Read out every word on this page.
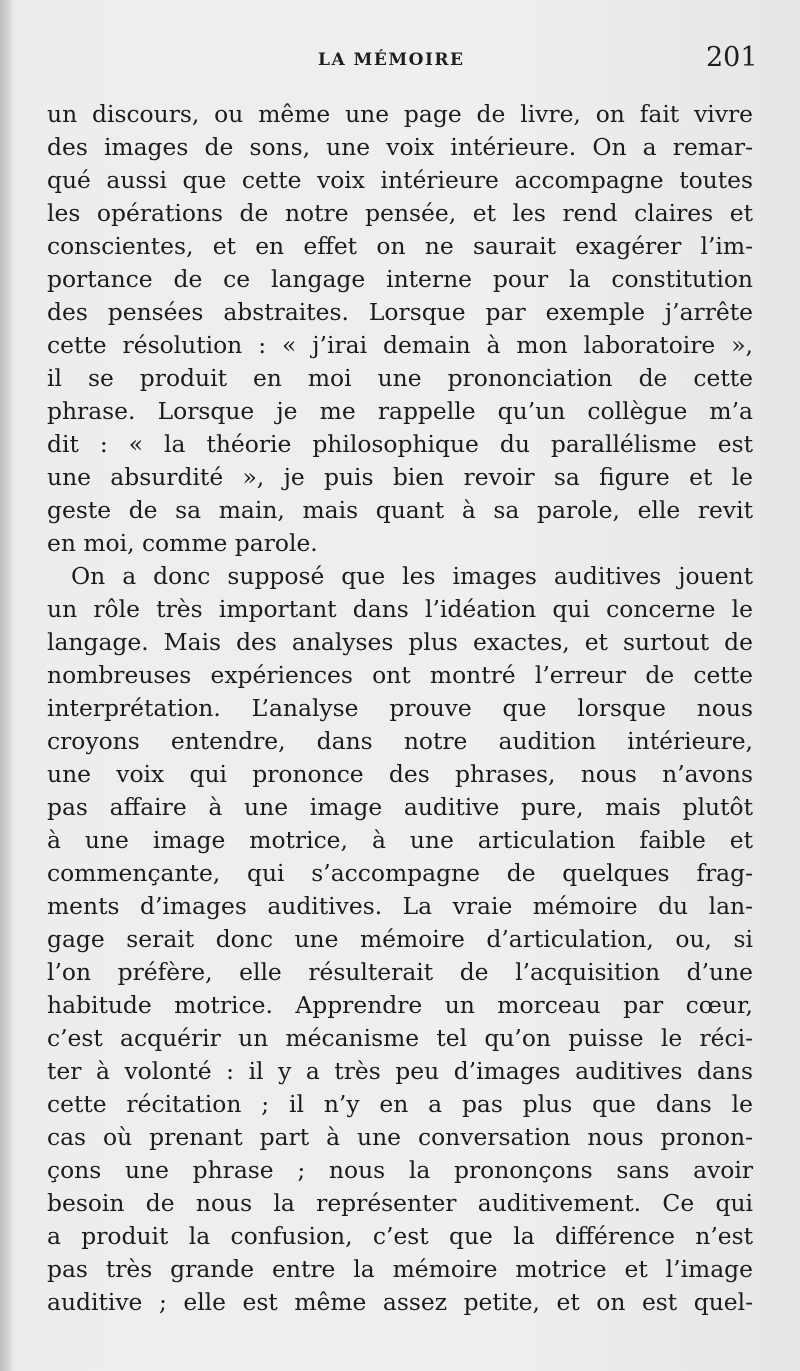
LA MÉMOIRE	201
un discours, ou même une page de livre, on fait vivre
des images de sons, une voix intérieure. On a remar-
qué aussi que cette voix intérieure accompagne toutes
les opérations de notre pensée, et les rend claires et
conscientes, et en effet on ne saurait exagérer l’im-
portance de ce langage interne pour la constitution
des pensées abstraites. Lorsque par exemple j’arrête
cette résolution : « j’irai demain à mon laboratoire »,
il se produit en moi une prononciation de cette
phrase. Lorsque je me rappelle qu’un collègue m’a
dit : « la théorie philosophique du parallélisme est
une absurdité », je puis bien revoir sa figure et le
geste de sa main, mais quant à sa parole, elle revit
en moi, comme parole.
On a donc supposé que les images auditives jouent
un rôle très important dans l’idéation qui concerne le
langage. Mais des analyses plus exactes, et surtout de
nombreuses expériences ont montré l’erreur de cette
interprétation. L’analyse prouve que lorsque nous
croyons entendre, dans notre audition intérieure,
une voix qui prononce des phrases, nous n’avons
pas affaire à une image auditive pure, mais plutôt
à une image motrice, à une articulation faible et
commençante, qui s’accompagne de quelques frag-
ments d’images auditives. La vraie mémoire du lan-
gage serait donc une mémoire d’articulation, ou, si
l’on préfère, elle résulterait de l’acquisition d’une
habitude motrice. Apprendre un morceau par cœur,
c’est acquérir un mécanisme tel qu’on puisse le réci-
ter à volonté : il y a très peu d’images auditives dans
cette récitation ; il n’y en a pas plus que dans le
cas où prenant part à une conversation nous pronon-
çons une phrase ; nous la prononçons sans avoir
besoin de nous la représenter auditivement. Ce qui
a produit la confusion, c’est que la différence n’est
pas très grande entre la mémoire motrice et l’image
auditive ; elle est même assez petite, et on est quel-
